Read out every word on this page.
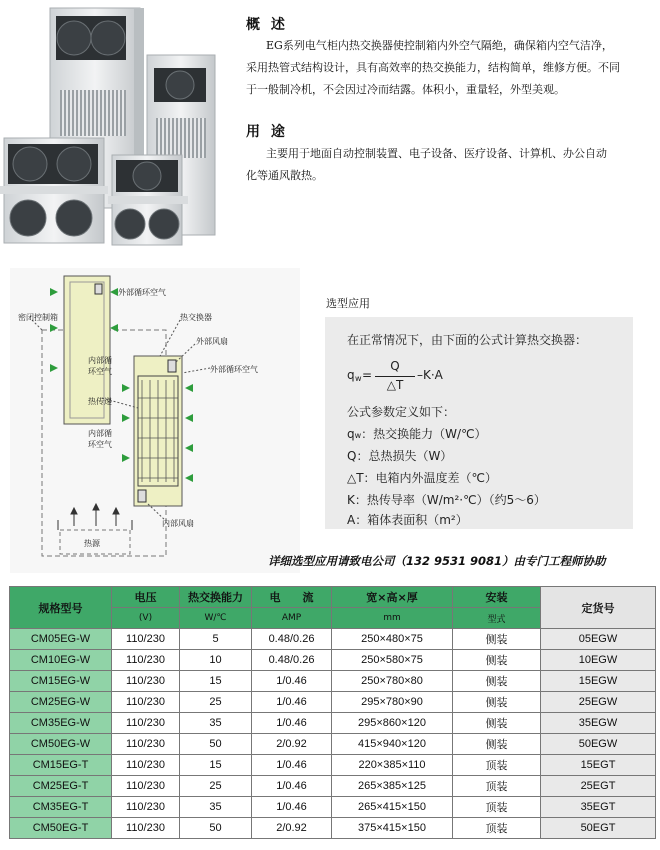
概 述
EG系列电气柜内热交换器使控制箱内外空气隔绝，确保箱内空气洁净，
采用热管式结构设计，具有高效率的热交换能力，结构简单，维修方便。不同
于一般制冷机，不会因过冷而结露。体积小，重量轻，外型美观。
用 途
主要用于地面自动控制装置、电子设备、医疗设备、计算机、办公自动
化等通风散热。
外部循环空气
密闭控制箱	热交换器
外部风扇
内部循
环空气	外部循环空气
热传递
内部循
环空气
内部风扇
热源
选型应用
在正常情况下，由下面的公式计算热交换器：
q w =
Q
△T
–K·A
公式参数定义如下：
qw：热交换能力（W/℃）
Q：总热损失（W）
△T：电箱内外温度差（℃）
K：热传导率（W/m²·℃）（约5～6）
A：箱体表面积（m²）
详细选型应用请致电公司（132 9531 9081）由专门工程师协助
规格型号	电压	热交换能力	电　　流	宽×高×厚	安装	定货号
	(V)	W/℃	AMP	mm	型式	
CM05EG-W	110/230	5	0.48/0.26	250×480×75	侧装	05EGW
CM10EG-W	110/230	10	0.48/0.26	250×580×75	侧装	10EGW
CM15EG-W	110/230	15	1/0.46	250×780×80	侧装	15EGW
CM25EG-W	110/230	25	1/0.46	295×780×90	侧装	25EGW
CM35EG-W	110/230	35	1/0.46	295×860×120	侧装	35EGW
CM50EG-W	110/230	50	2/0.92	415×940×120	侧装	50EGW
CM15EG-T	110/230	15	1/0.46	220×385×110	顶装	15EGT
CM25EG-T	110/230	25	1/0.46	265×385×125	顶装	25EGT
CM35EG-T	110/230	35	1/0.46	265×415×150	顶装	35EGT
CM50EG-T	110/230	50	2/0.92	375×415×150	顶装	50EGT
